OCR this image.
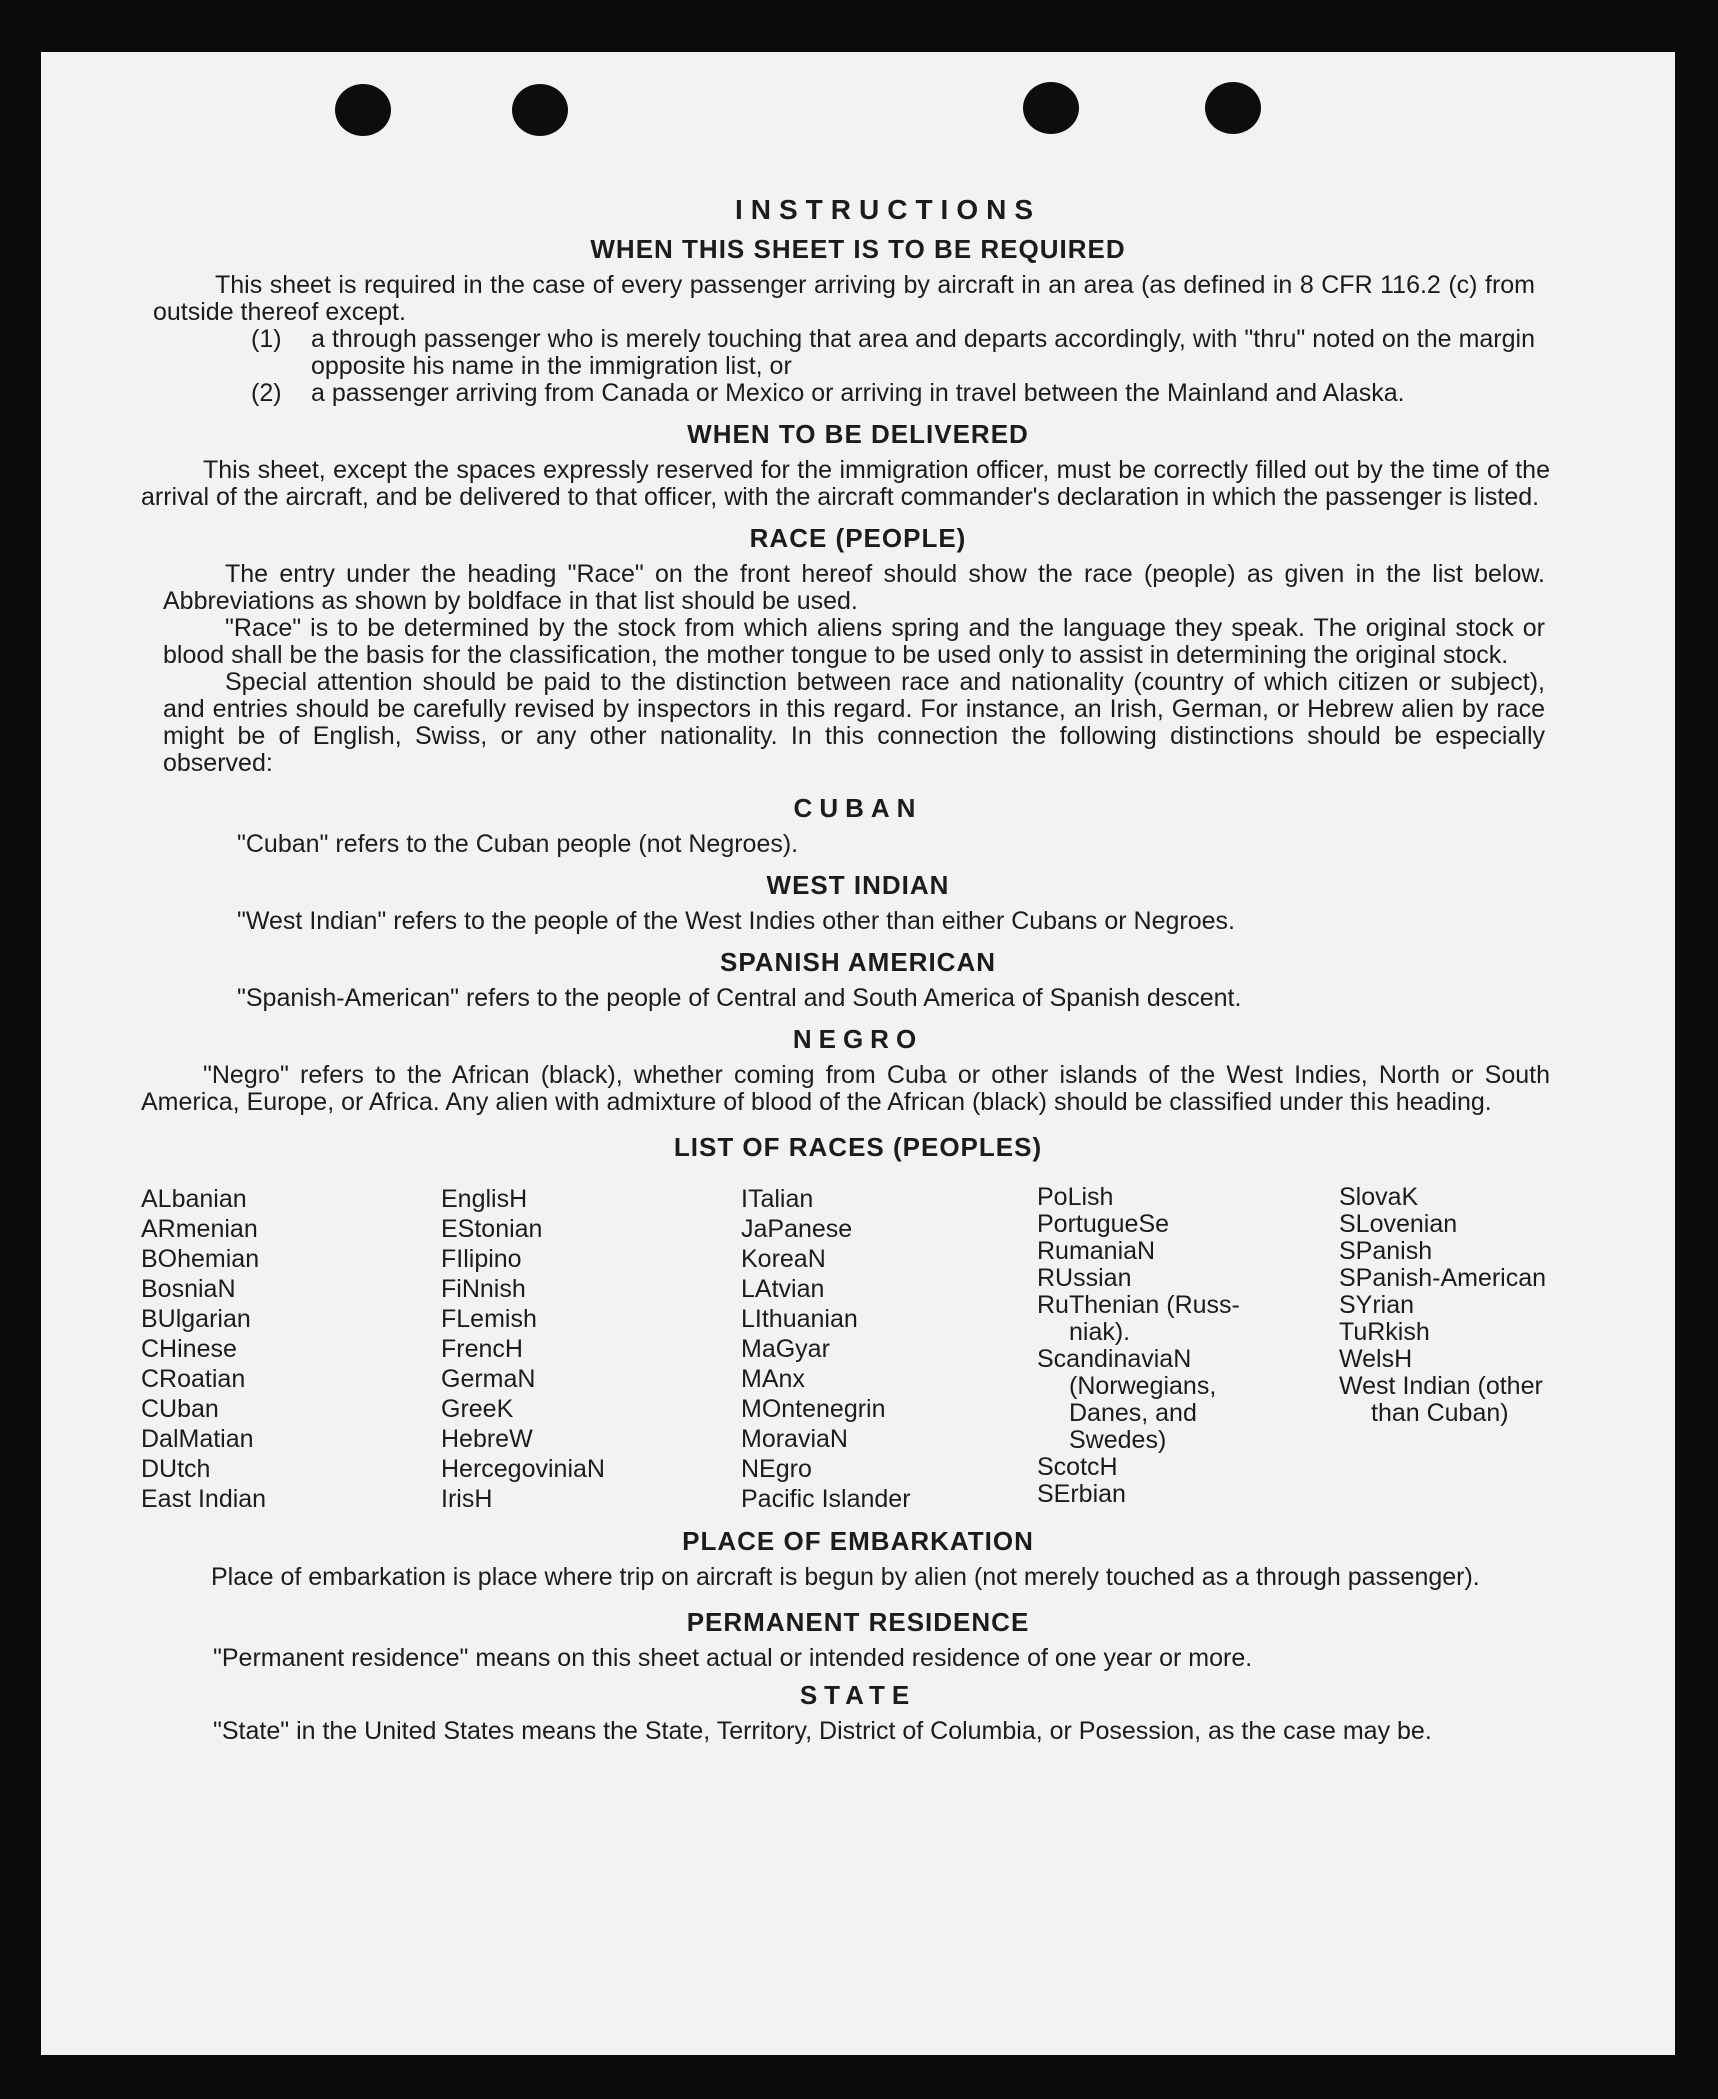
INSTRUCTIONS
WHEN THIS SHEET IS TO BE REQUIRED

This sheet is required in the case of every passenger arriving by aircraft in an area (as defined in 8 CFR 116.2 (c) from outside thereof except.

(1)	a through passenger who is merely touching that area and departs accordingly, with "thru" noted on the margin opposite his name in the immigration list, or
(2)	a passenger arriving from Canada or Mexico or arriving in travel between the Mainland and Alaska.
WHEN TO BE DELIVERED

This sheet, except the spaces expressly reserved for the immigration officer, must be correctly filled out by the time of the arrival of the aircraft, and be delivered to that officer, with the aircraft commander's declaration in which the passenger is listed.

RACE (PEOPLE)

The entry under the heading "Race" on the front hereof should show the race (people) as given in the list below. Abbreviations as shown by boldface in that list should be used.

"Race" is to be determined by the stock from which aliens spring and the language they speak. The original stock or blood shall be the basis for the classification, the mother tongue to be used only to assist in determining the original stock.

Special attention should be paid to the distinction between race and nationality (country of which citizen or subject), and entries should be carefully revised by inspectors in this regard. For instance, an Irish, German, or Hebrew alien by race might be of English, Swiss, or any other nationality. In this connection the following distinctions should be especially observed:

CUBAN

"Cuban" refers to the Cuban people (not Negroes).

WEST INDIAN

"West Indian" refers to the people of the West Indies other than either Cubans or Negroes.

SPANISH AMERICAN

"Spanish-American" refers to the people of Central and South America of Spanish descent.

NEGRO

"Negro" refers to the African (black), whether coming from Cuba or other islands of the West Indies, North or South America, Europe, or Africa. Any alien with admixture of blood of the African (black) should be classified under this heading.

LIST OF RACES (PEOPLES)
ALbanian
ARmenian
BOhemian
BosniaN
BUlgarian
CHinese
CRoatian
CUban
DalMatian
DUtch
East Indian
EnglisH
EStonian
FIlipino
FiNnish
FLemish
FrencH
GermaN
GreeK
HebreW
HercegoviniaN
IrisH
ITalian
JaPanese
KoreaN
LAtvian
LIthuanian
MaGyar
MAnx
MOntenegrin
MoraviaN
NEgro
Pacific Islander
PoLish
PortugueSe
RumaniaN
RUssian
RuThenian (Russ-
niak).
ScandinaviaN
(Norwegians,
Danes, and
Swedes)
ScotcH
SErbian
SlovaK
SLovenian
SPanish
SPanish-American
SYrian
TuRkish
WelsH
West Indian (other
than Cuban)
PLACE OF EMBARKATION

Place of embarkation is place where trip on aircraft is begun by alien (not merely touched as a through passenger).

PERMANENT RESIDENCE

"Permanent residence" means on this sheet actual or intended residence of one year or more.

STATE

"State" in the United States means the State, Territory, District of Columbia, or Posession, as the case may be.
